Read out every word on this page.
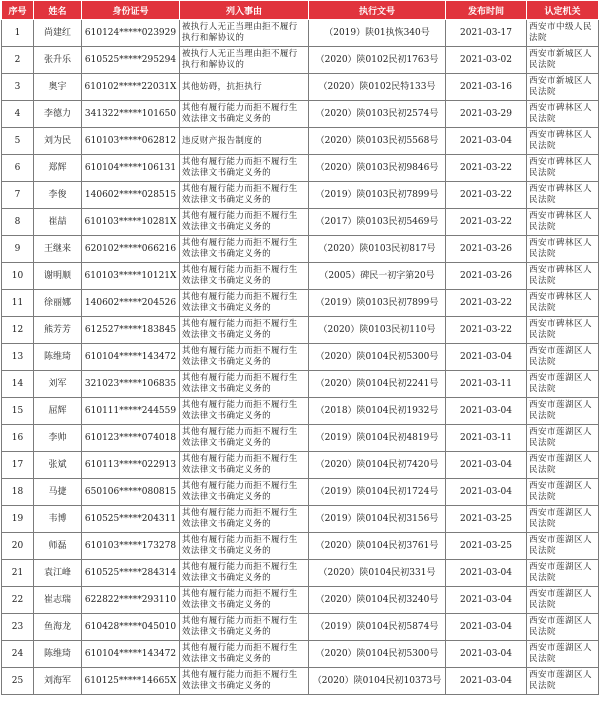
序号	姓名	身份证号	列入事由	执行文号	发布时间	认定机关
1	尚建红	610124*****023929	被执行人无正当理由拒不履行执行和解协议的	（2019）陕01执恢340号	2021-03-17	西安市中级人民法院
2	张升乐	610525*****295294	被执行人无正当理由拒不履行执行和解协议的	（2020）陕0102民初1763号	2021-03-02	西安市新城区人民法院
3	奥宇	610102*****22031X	其他妨碍，抗拒执行	（2020）陕0102民特133号	2021-03-16	西安市新城区人民法院
4	李德力	341322*****101650	其他有履行能力而拒不履行生效法律文书确定义务的	（2020）陕0103民初2574号	2021-03-29	西安市碑林区人民法院
5	刘为民	610103*****062812	违反财产报告制度的	（2020）陕0103民初5568号	2021-03-04	西安市碑林区人民法院
6	郑辉	610104*****106131	其他有履行能力而拒不履行生效法律文书确定义务的	（2020）陕0103民初9846号	2021-03-22	西安市碑林区人民法院
7	李俊	140602*****028515	其他有履行能力而拒不履行生效法律文书确定义务的	（2019）陕0103民初7899号	2021-03-22	西安市碑林区人民法院
8	崔喆	610103*****10281X	其他有履行能力而拒不履行生效法律文书确定义务的	（2017）陕0103民初5469号	2021-03-22	西安市碑林区人民法院
9	王继来	620102*****066216	其他有履行能力而拒不履行生效法律文书确定义务的	（2020）陕0103民初817号	2021-03-26	西安市碑林区人民法院
10	谢明顺	610103*****10121X	其他有履行能力而拒不履行生效法律文书确定义务的	（2005）碑民一初字第20号	2021-03-26	西安市碑林区人民法院
11	徐丽娜	140602*****204526	其他有履行能力而拒不履行生效法律文书确定义务的	（2019）陕0103民初7899号	2021-03-22	西安市碑林区人民法院
12	熊芳芳	612527*****183845	其他有履行能力而拒不履行生效法律文书确定义务的	（2020）陕0103民初110号	2021-03-22	西安市碑林区人民法院
13	陈维琦	610104*****143472	其他有履行能力而拒不履行生效法律文书确定义务的	（2020）陕0104民初5300号	2021-03-04	西安市莲湖区人民法院
14	刘军	321023*****106835	其他有履行能力而拒不履行生效法律文书确定义务的	（2020）陕0104民初2241号	2021-03-11	西安市莲湖区人民法院
15	屈辉	610111*****244559	其他有履行能力而拒不履行生效法律文书确定义务的	（2018）陕0104民初1932号	2021-03-04	西安市莲湖区人民法院
16	李帅	610123*****074018	其他有履行能力而拒不履行生效法律文书确定义务的	（2019）陕0104民初4819号	2021-03-11	西安市莲湖区人民法院
17	张斌	610113*****022913	其他有履行能力而拒不履行生效法律文书确定义务的	（2020）陕0104民初7420号	2021-03-04	西安市莲湖区人民法院
18	马捷	650106*****080815	其他有履行能力而拒不履行生效法律文书确定义务的	（2019）陕0104民初1724号	2021-03-04	西安市莲湖区人民法院
19	韦博	610525*****204311	其他有履行能力而拒不履行生效法律文书确定义务的	（2019）陕0104民初3156号	2021-03-25	西安市莲湖区人民法院
20	师磊	610103*****173278	其他有履行能力而拒不履行生效法律文书确定义务的	（2020）陕0104民初3761号	2021-03-25	西安市莲湖区人民法院
21	袁江峰	610525*****284314	其他有履行能力而拒不履行生效法律文书确定义务的	（2020）陕0104民初331号	2021-03-04	西安市莲湖区人民法院
22	崔志瑞	622822*****293110	其他有履行能力而拒不履行生效法律文书确定义务的	（2020）陕0104民初3240号	2021-03-04	西安市莲湖区人民法院
23	鱼海龙	610428*****045010	其他有履行能力而拒不履行生效法律文书确定义务的	（2019）陕0104民初5874号	2021-03-04	西安市莲湖区人民法院
24	陈维琦	610104*****143472	其他有履行能力而拒不履行生效法律文书确定义务的	（2020）陕0104民初5300号	2021-03-04	西安市莲湖区人民法院
25	刘海军	610125*****14665X	其他有履行能力而拒不履行生效法律文书确定义务的	（2020）陕0104民初10373号	2021-03-04	西安市莲湖区人民法院
